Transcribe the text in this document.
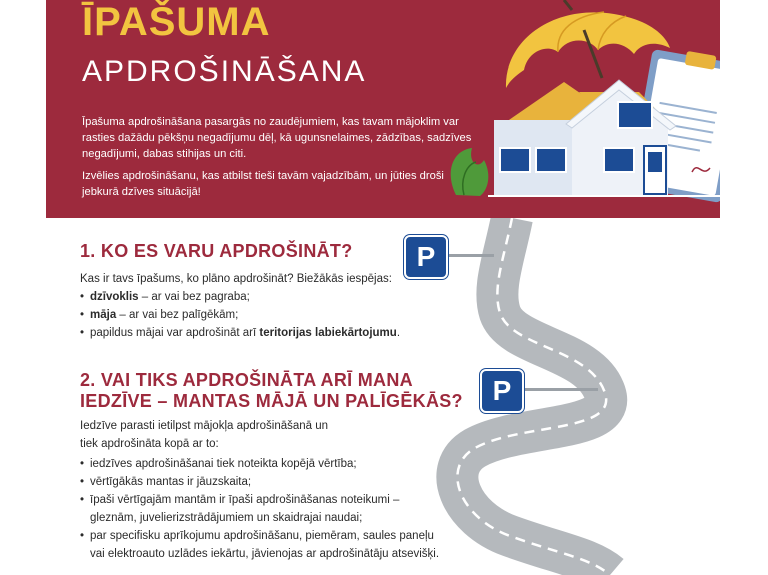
ĪPAŠUMA
APDROŠINĀŠANA

Īpašuma apdrošināšana pasargās no zaudējumiem, kas tavam mājoklim var rasties dažādu pēkšņu negadījumu dēļ, kā ugunsnelaimes, zādzības, sadzīves negadījumi, dabas stihijas un citi.

Izvēlies apdrošināšanu, kas atbilst tieši tavām vajadzībām, un jūties droši jebkurā dzīves situācijā!

P
P
1. KO ES VARU APDROŠINĀT?

Kas ir tavs īpašums, ko plāno apdrošināt? Biežākās iespējas:

• dzīvoklis – ar vai bez pagraba;
• māja – ar vai bez palīgēkām;
• papildus mājai var apdrošināt arī teritorijas labiekārtojumu.
2. VAI TIKS APDROŠINĀTA ARĪ MANA
IEDZĪVE – MANTAS MĀJĀ UN PALĪGĒKĀS?

Iedzīve parasti ietilpst mājokļa apdrošināšanā un

tiek apdrošināta kopā ar to:

• iedzīves apdrošināšanai tiek noteikta kopējā vērtība;
• vērtīgākās mantas ir jāuzskaita;
• īpaši vērtīgajām mantām ir īpaši apdrošināšanas noteikumi – gleznām, juvelierizstrādājumiem un skaidrajai naudai;
• par specifisku aprīkojumu apdrošināšanu, piemēram, saules paneļu vai elektroauto uzlādes iekārtu, jāvienojas ar apdrošinātāju atsevišķi.
